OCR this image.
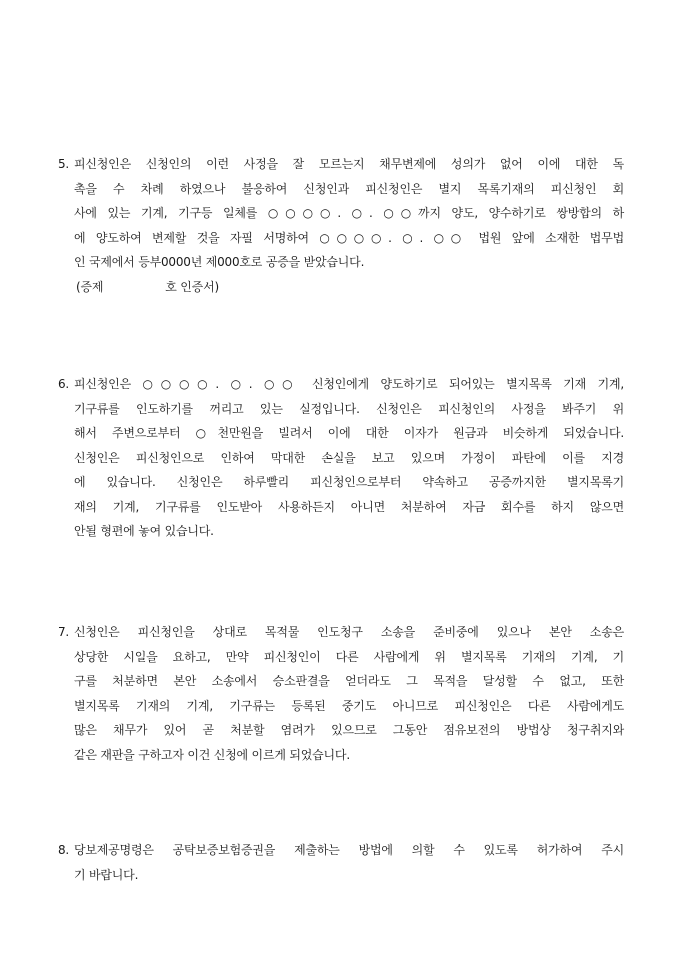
5. 피신청인은 신청인의 이런 사정을 잘 모르는지 채무변제에 성의가 없어 이에 대한 독
촉을 수 차례 하였으나 불응하여 신청인과 피신청인은 별지 목록기재의 피신청인 회
사에 있는 기계, 기구등 일체를 ○○○○. ○. ○○까지 양도, 양수하기로 쌍방합의 하
에 양도하여 변제할 것을 자필 서명하여 ○○○○. ○. ○○ 법원 앞에 소재한 법무법
인 국제에서 등부0000년 제000호로 공증을 받았습니다.
(증제	호 인증서)
6. 피신청인은 ○○○○. ○. ○○ 신청인에게 양도하기로 되어있는 별지목록 기재 기계,
기구류를 인도하기를 꺼리고 있는 실정입니다. 신청인은 피신청인의 사정을 봐주기 위
해서 주변으로부터 ○천만원을 빌려서 이에 대한 이자가 원금과 비슷하게 되었습니다.
신청인은 피신청인으로 인하여 막대한 손실을 보고 있으며 가정이 파탄에 이를 지경
에 있습니다. 신청인은 하루빨리 피신청인으로부터 약속하고 공증까지한 별지목록기
재의 기계, 기구류를 인도받아 사용하든지 아니면 처분하여 자금 회수를 하지 않으면
안될 형편에 놓여 있습니다.
7. 신청인은 피신청인을 상대로 목적물 인도청구 소송을 준비중에 있으나 본안 소송은
상당한 시일을 요하고, 만약 피신청인이 다른 사람에게 위 별지목록 기재의 기계, 기
구를 처분하면 본안 소송에서 승소판결을 얻더라도 그 목적을 달성할 수 없고, 또한
별지목록 기재의 기계, 기구류는 등록된 중기도 아니므로 피신청인은 다른 사람에게도
많은 채무가 있어 곧 처분할 염려가 있으므로 그동안 점유보전의 방법상 청구취지와
같은 재판을 구하고자 이건 신청에 이르게 되었습니다.
8. 당보제공명령은 공탁보증보험증권을 제출하는 방법에 의할 수 있도록 허가하여 주시
기 바랍니다.
